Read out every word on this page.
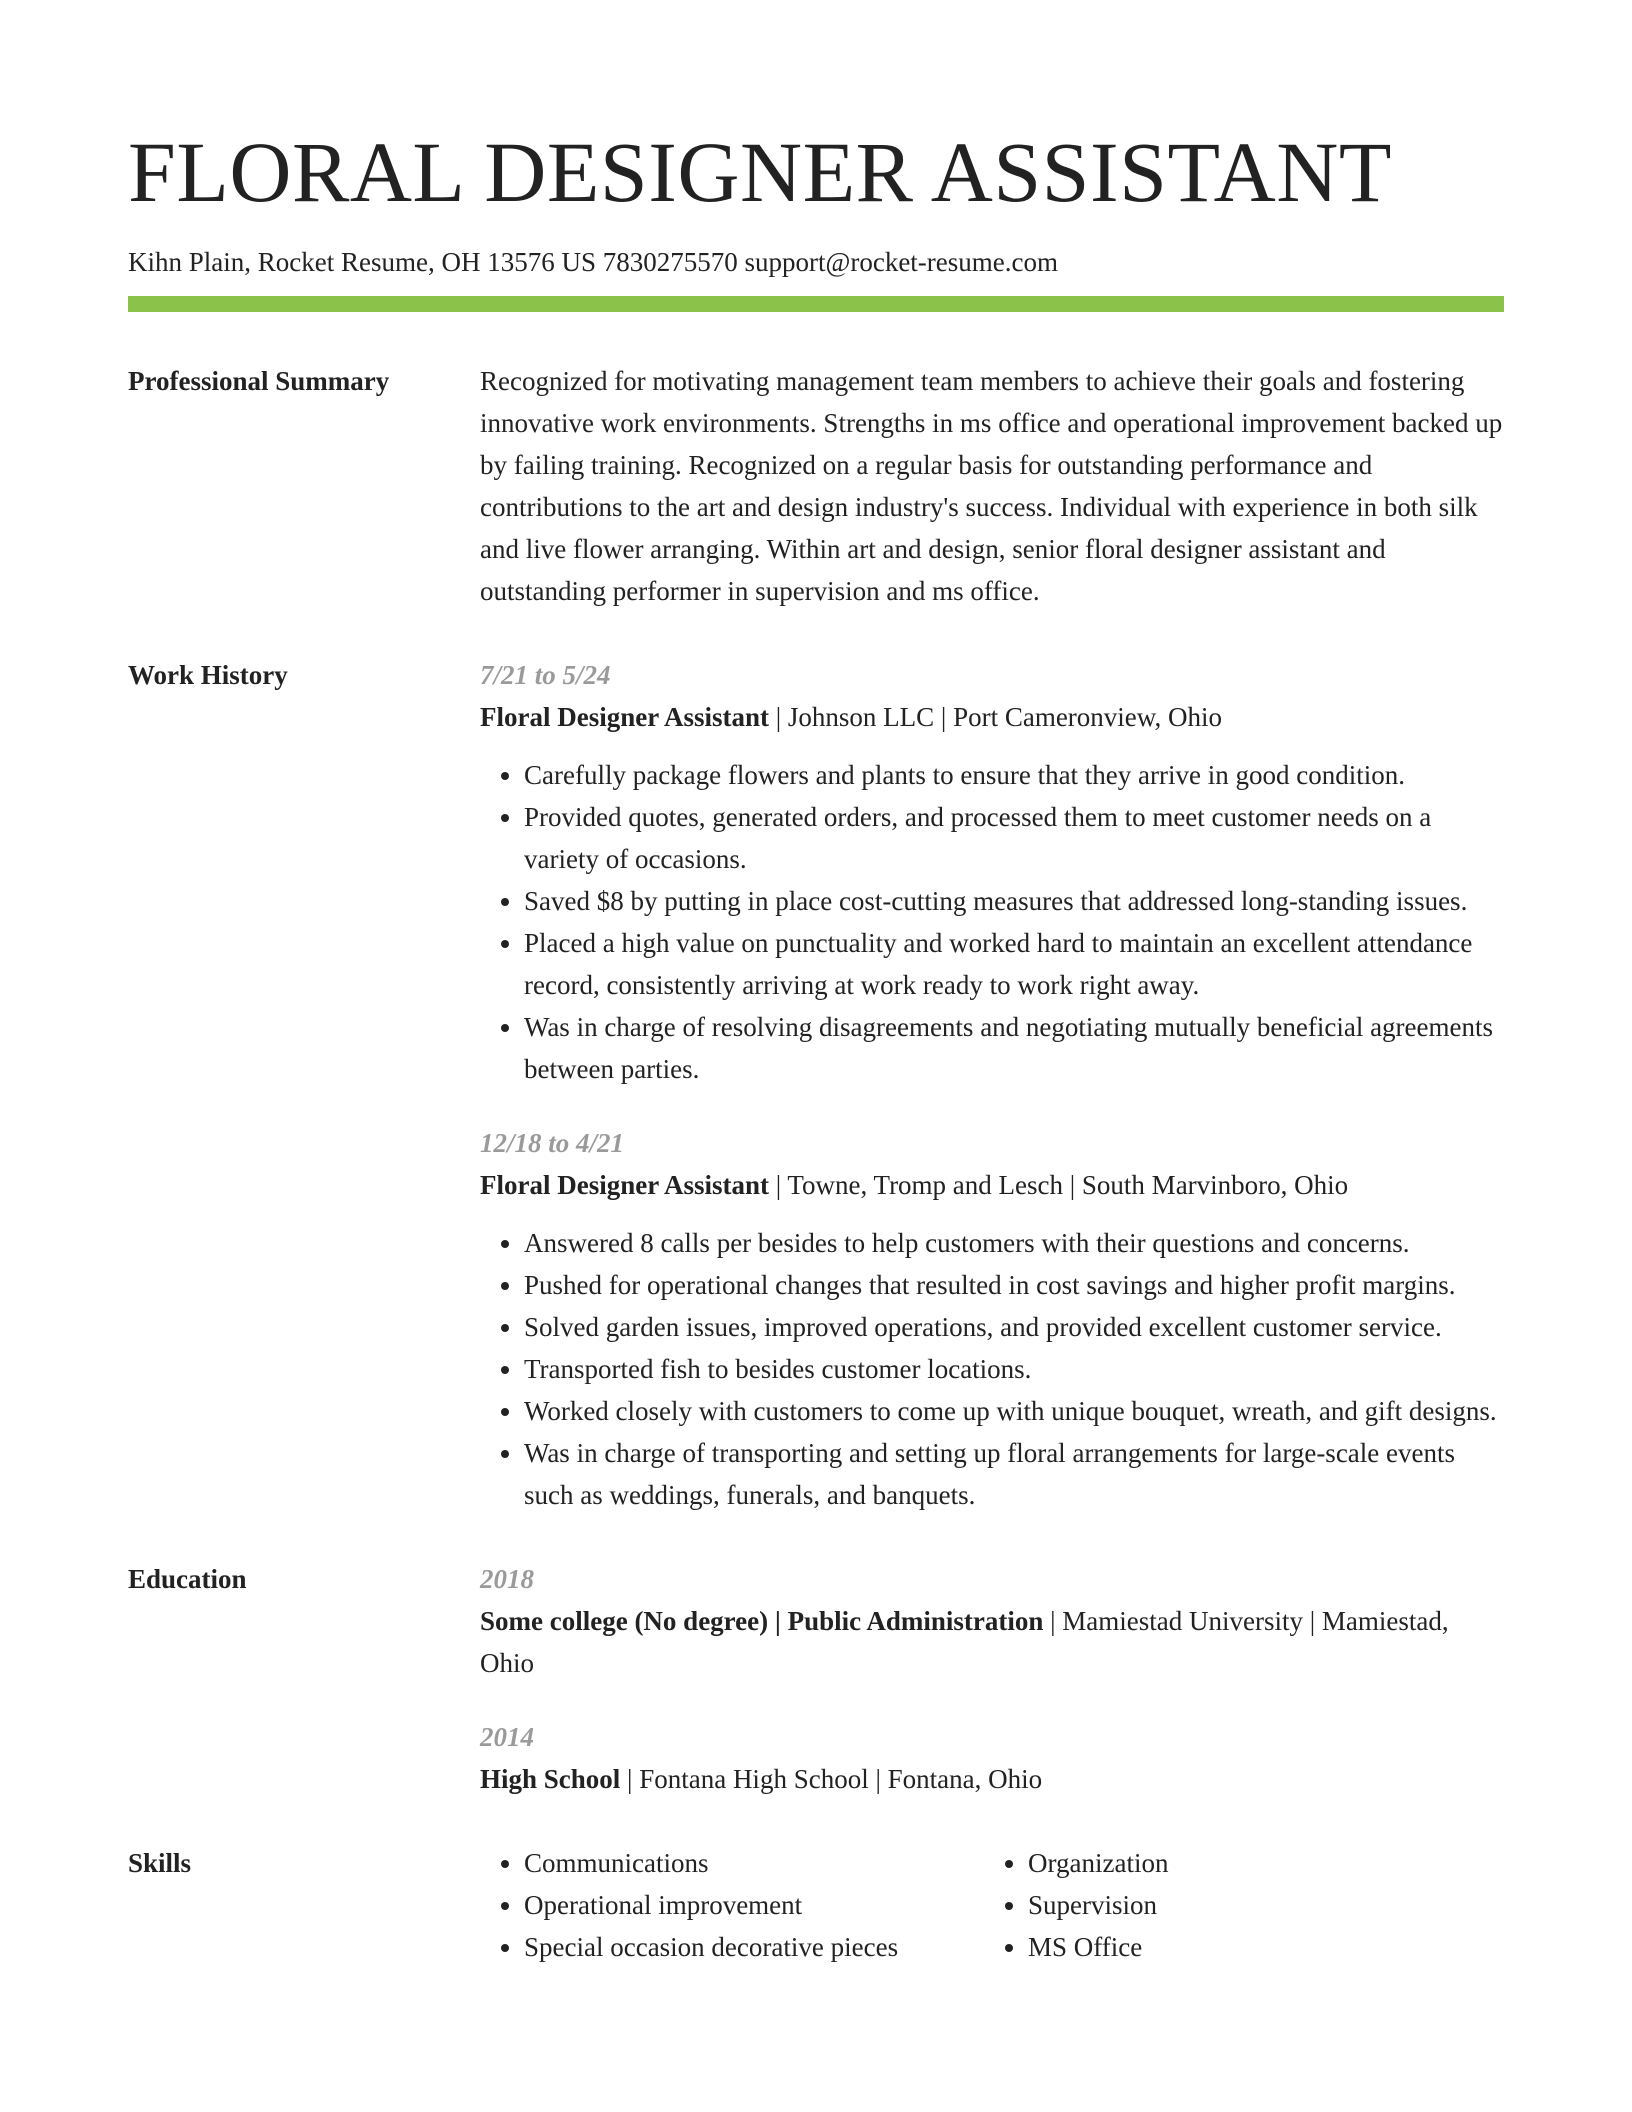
FLORAL DESIGNER ASSISTANT
Kihn Plain, Rocket Resume, OH 13576 US 7830275570 support@rocket-resume.com
Professional Summary	Recognized for motivating management team members to achieve their goals and fostering innovative work environments. Strengths in ms office and operational improvement backed up by failing training. Recognized on a regular basis for outstanding performance and contributions to the art and design industry's success. Individual with experience in both silk and live flower arranging. Within art and design, senior floral designer assistant and outstanding performer in supervision and ms office.

Work History	7/21 to 5/24
Floral Designer Assistant | Johnson LLC | Port Cameronview, Ohio
• Carefully package flowers and plants to ensure that they arrive in good condition.
• Provided quotes, generated orders, and processed them to meet customer needs on a variety of occasions.
• Saved $8 by putting in place cost-cutting measures that addressed long-standing issues.
• Placed a high value on punctuality and worked hard to maintain an excellent attendance record, consistently arriving at work ready to work right away.
• Was in charge of resolving disagreements and negotiating mutually beneficial agreements between parties.
12/18 to 4/21
Floral Designer Assistant | Towne, Tromp and Lesch | South Marvinboro, Ohio
• Answered 8 calls per besides to help customers with their questions and concerns.
• Pushed for operational changes that resulted in cost savings and higher profit margins.
• Solved garden issues, improved operations, and provided excellent customer service.
• Transported fish to besides customer locations.
• Worked closely with customers to come up with unique bouquet, wreath, and gift designs.
• Was in charge of transporting and setting up floral arrangements for large-scale events such as weddings, funerals, and banquets.
Education	2018
Some college (No degree) | Public Administration | Mamiestad University | Mamiestad, Ohio
2014
High School | Fontana High School | Fontana, Ohio
Skills
•	Communications
• Operational improvement
• Special occasion decorative pieces
• Organization
• Supervision
• MS Office
